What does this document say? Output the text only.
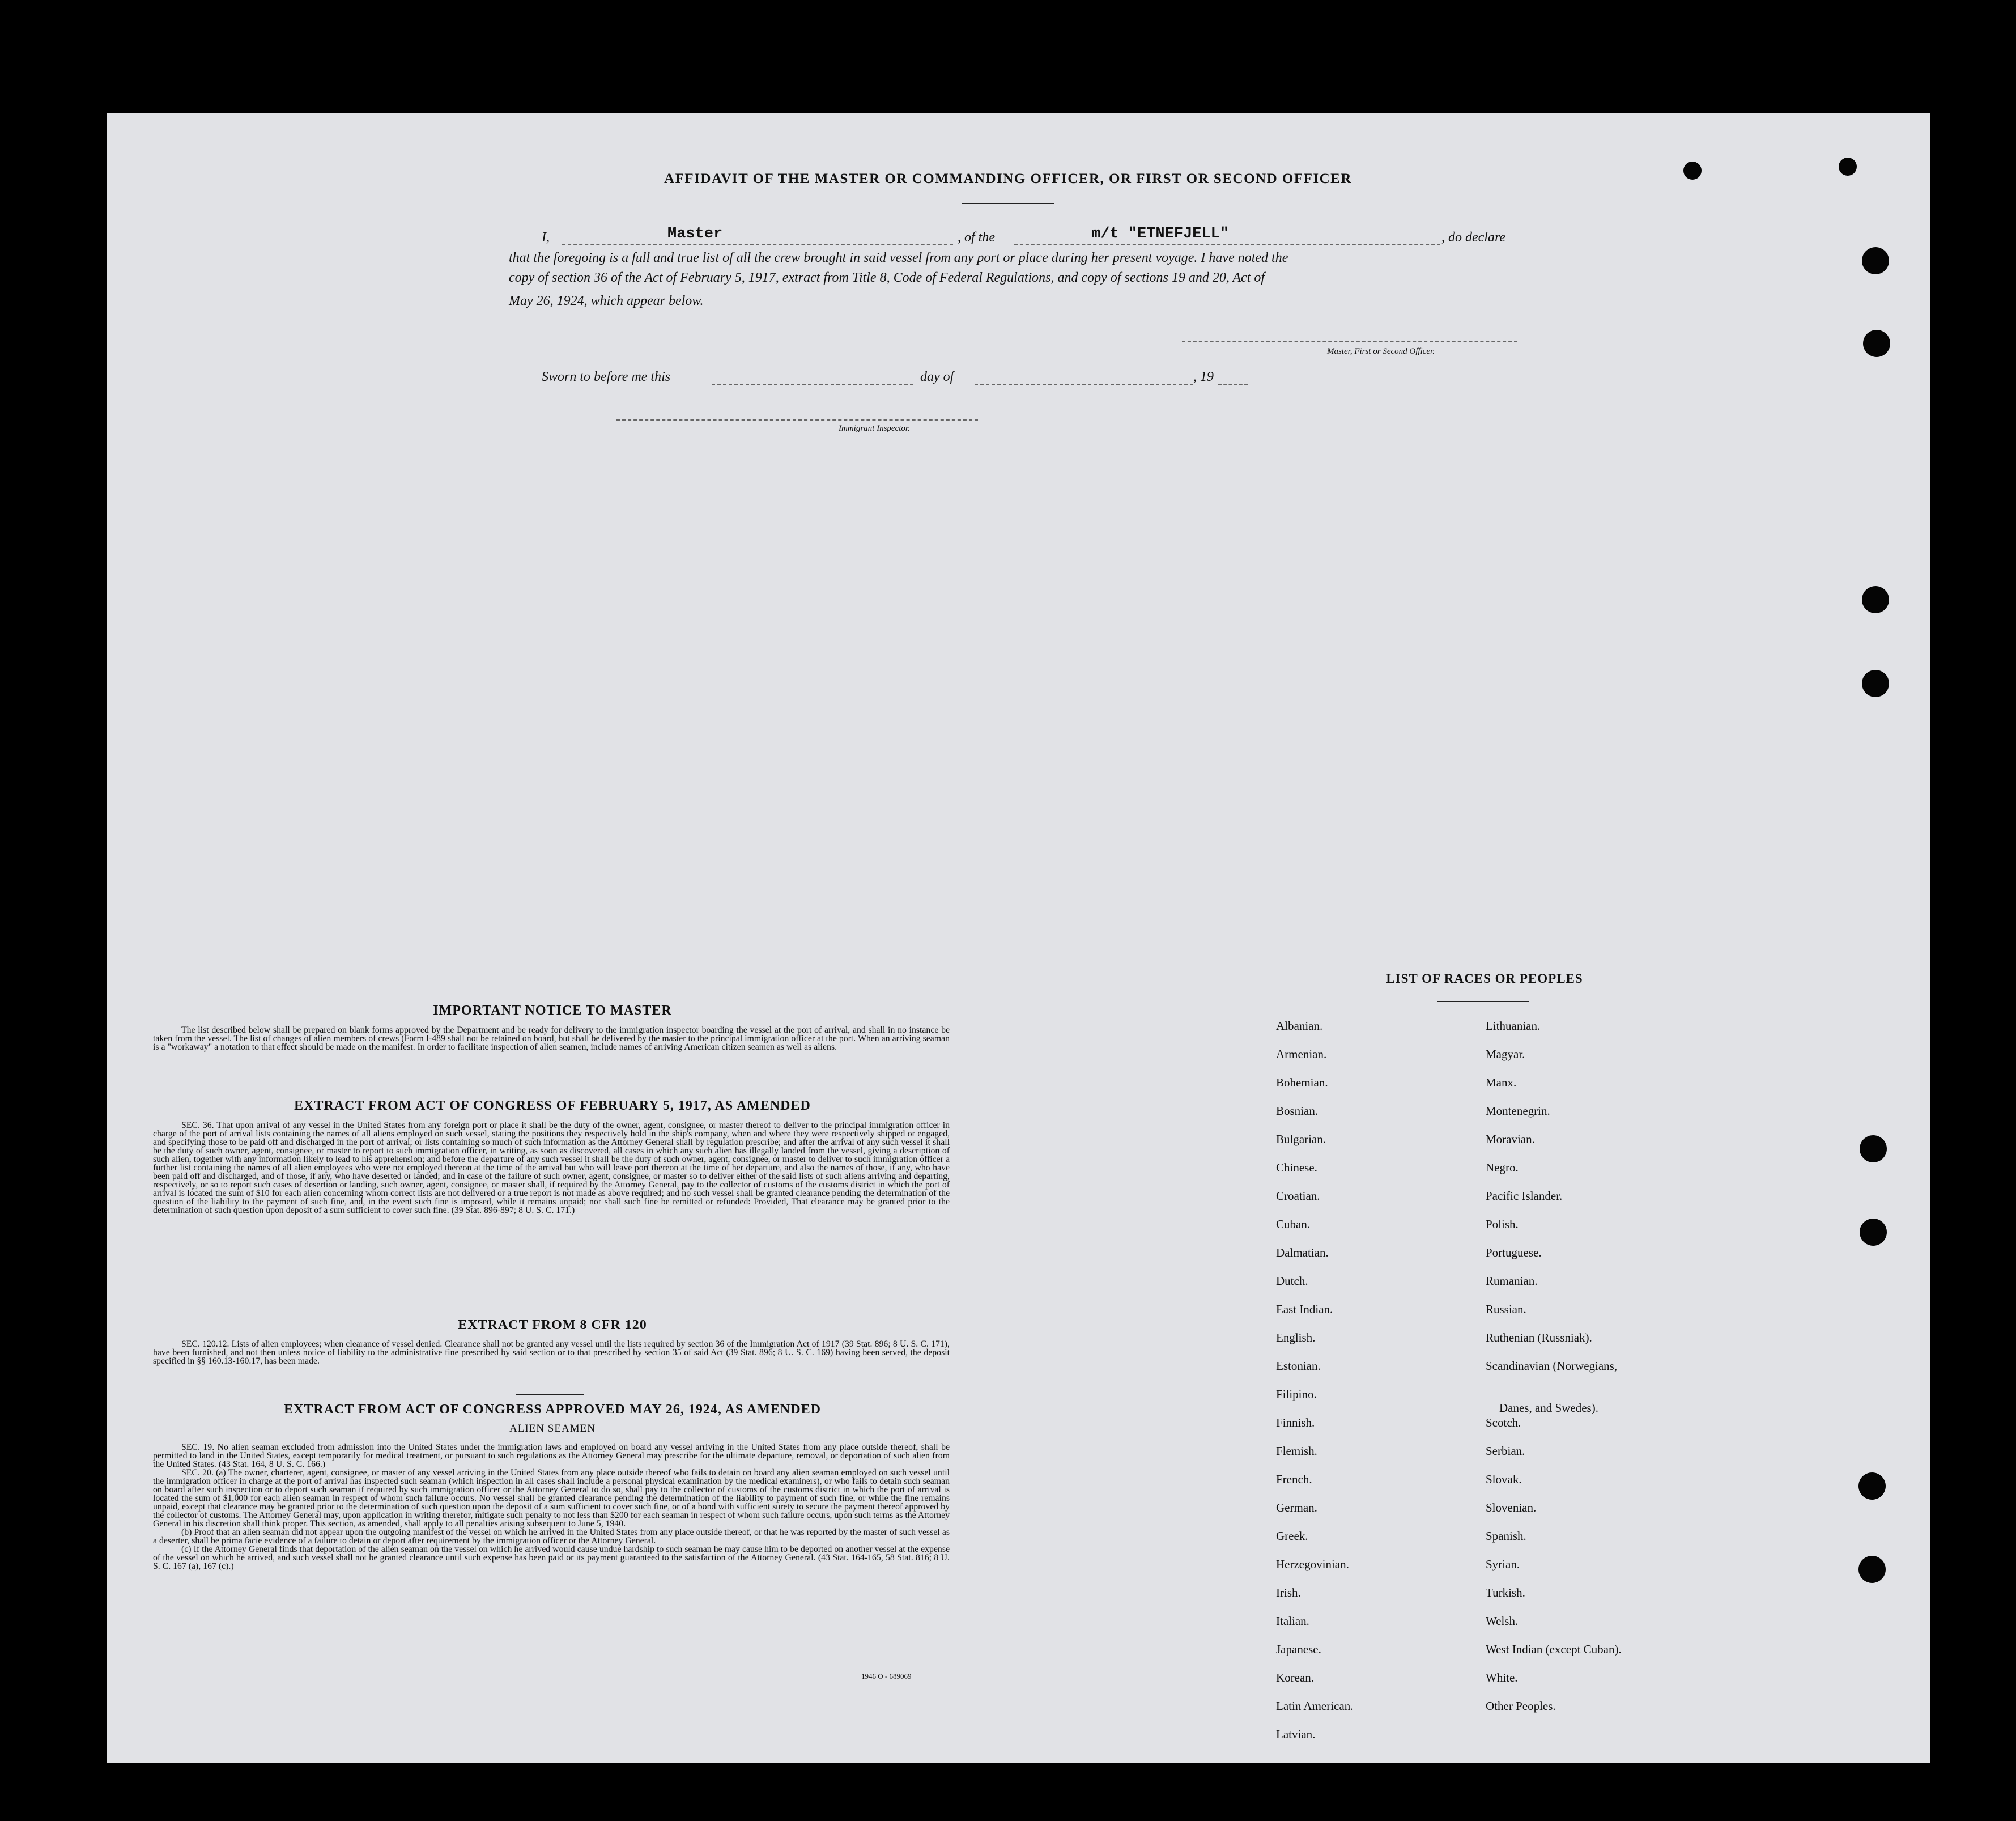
AFFIDAVIT OF THE MASTER OR COMMANDING OFFICER, OR FIRST OR SECOND OFFICER
I,	Master	, of the	m/t "ETNEFJELL"	, do declare
that the foregoing is a full and true list of all the crew brought in said vessel from any port or place during her present voyage. I have noted the
copy of section 36 of the Act of February 5, 1917, extract from Title 8, Code of Federal Regulations, and copy of sections 19 and 20, Act of
May 26, 1924, which appear below.
Master, First or Second Officer.
Sworn to before me this	day of	, 19
Immigrant Inspector.
IMPORTANT NOTICE TO MASTER

The list described below shall be prepared on blank forms approved by the Department and be ready for delivery to the immigration inspector boarding the vessel at the port of arrival, and shall in no instance be taken from the vessel. The list of changes of alien members of crews (Form I-489 shall not be retained on board, but shall be delivered by the master to the principal immigration officer at the port. When an arriving seaman is a "workaway" a notation to that effect should be made on the manifest. In order to facilitate inspection of alien seamen, include names of arriving American citizen seamen as well as aliens.

EXTRACT FROM ACT OF CONGRESS OF FEBRUARY 5, 1917, AS AMENDED

SEC. 36. That upon arrival of any vessel in the United States from any foreign port or place it shall be the duty of the owner, agent, consignee, or master thereof to deliver to the principal immigration officer in charge of the port of arrival lists containing the names of all aliens employed on such vessel, stating the positions they respectively hold in the ship's company, when and where they were respectively shipped or engaged, and specifying those to be paid off and discharged in the port of arrival; or lists containing so much of such information as the Attorney General shall by regulation prescribe; and after the arrival of any such vessel it shall be the duty of such owner, agent, consignee, or master to report to such immigration officer, in writing, as soon as discovered, all cases in which any such alien has illegally landed from the vessel, giving a description of such alien, together with any information likely to lead to his apprehension; and before the departure of any such vessel it shall be the duty of such owner, agent, consignee, or master to deliver to such immigration officer a further list containing the names of all alien employees who were not employed thereon at the time of the arrival but who will leave port thereon at the time of her departure, and also the names of those, if any, who have been paid off and discharged, and of those, if any, who have deserted or landed; and in case of the failure of such owner, agent, consignee, or master so to deliver either of the said lists of such aliens arriving and departing, respectively, or so to report such cases of desertion or landing, such owner, agent, consignee, or master shall, if required by the Attorney General, pay to the collector of customs of the customs district in which the port of arrival is located the sum of $10 for each alien concerning whom correct lists are not delivered or a true report is not made as above required; and no such vessel shall be granted clearance pending the determination of the question of the liability to the payment of such fine, and, in the event such fine is imposed, while it remains unpaid; nor shall such fine be remitted or refunded: Provided, That clearance may be granted prior to the determination of such question upon deposit of a sum sufficient to cover such fine. (39 Stat. 896-897; 8 U. S. C. 171.)

EXTRACT FROM 8 CFR 120

SEC. 120.12. Lists of alien employees; when clearance of vessel denied. Clearance shall not be granted any vessel until the lists required by section 36 of the Immigration Act of 1917 (39 Stat. 896; 8 U. S. C. 171), have been furnished, and not then unless notice of liability to the administrative fine prescribed by said section or to that prescribed by section 35 of said Act (39 Stat. 896; 8 U. S. C. 169) having been served, the deposit specified in §§ 160.13-160.17, has been made.

EXTRACT FROM ACT OF CONGRESS APPROVED MAY 26, 1924, AS AMENDED
ALIEN SEAMEN

SEC. 19. No alien seaman excluded from admission into the United States under the immigration laws and employed on board any vessel arriving in the United States from any place outside thereof, shall be permitted to land in the United States, except temporarily for medical treatment, or pursuant to such regulations as the Attorney General may prescribe for the ultimate departure, removal, or deportation of such alien from the United States. (43 Stat. 164, 8 U. S. C. 166.)

SEC. 20. (a) The owner, charterer, agent, consignee, or master of any vessel arriving in the United States from any place outside thereof who fails to detain on board any alien seaman employed on such vessel until the immigration officer in charge at the port of arrival has inspected such seaman (which inspection in all cases shall include a personal physical examination by the medical examiners), or who fails to detain such seaman on board after such inspection or to deport such seaman if required by such immigration officer or the Attorney General to do so, shall pay to the collector of customs of the customs district in which the port of arrival is located the sum of $1,000 for each alien seaman in respect of whom such failure occurs. No vessel shall be granted clearance pending the determination of the liability to payment of such fine, or while the fine remains unpaid, except that clearance may be granted prior to the determination of such question upon the deposit of a sum sufficient to cover such fine, or of a bond with sufficient surety to secure the payment thereof approved by the collector of customs. The Attorney General may, upon application in writing therefor, mitigate such penalty to not less than $200 for each seaman in respect of whom such failure occurs, upon such terms as the Attorney General in his discretion shall think proper. This section, as amended, shall apply to all penalties arising subsequent to June 5, 1940.

(b) Proof that an alien seaman did not appear upon the outgoing manifest of the vessel on which he arrived in the United States from any place outside thereof, or that he was reported by the master of such vessel as a deserter, shall be prima facie evidence of a failure to detain or deport after requirement by the immigration officer or the Attorney General.

(c) If the Attorney General finds that deportation of the alien seaman on the vessel on which he arrived would cause undue hardship to such seaman he may cause him to be deported on another vessel at the expense of the vessel on which he arrived, and such vessel shall not be granted clearance until such expense has been paid or its payment guaranteed to the satisfaction of the Attorney General. (43 Stat. 164-165, 58 Stat. 816; 8 U. S. C. 167 (a), 167 (c).)

1946 O - 689069
LIST OF RACES OR PEOPLES
Albanian.
Armenian.
Bohemian.
Bosnian.
Bulgarian.
Chinese.
Croatian.
Cuban.
Dalmatian.
Dutch.
East Indian.
English.
Estonian.
Filipino.
Finnish.
Flemish.
French.
German.
Greek.
Herzegovinian.
Irish.
Italian.
Japanese.
Korean.
Latin American.
Latvian.
Lithuanian.
Magyar.
Manx.
Montenegrin.
Moravian.
Negro.
Pacific Islander.
Polish.
Portuguese.
Rumanian.
Russian.
Ruthenian (Russniak).
Scandinavian (Norwegians,
Danes, and Swedes).
Scotch.
Serbian.
Slovak.
Slovenian.
Spanish.
Syrian.
Turkish.
Welsh.
West Indian (except Cuban).
White.
Other Peoples.
